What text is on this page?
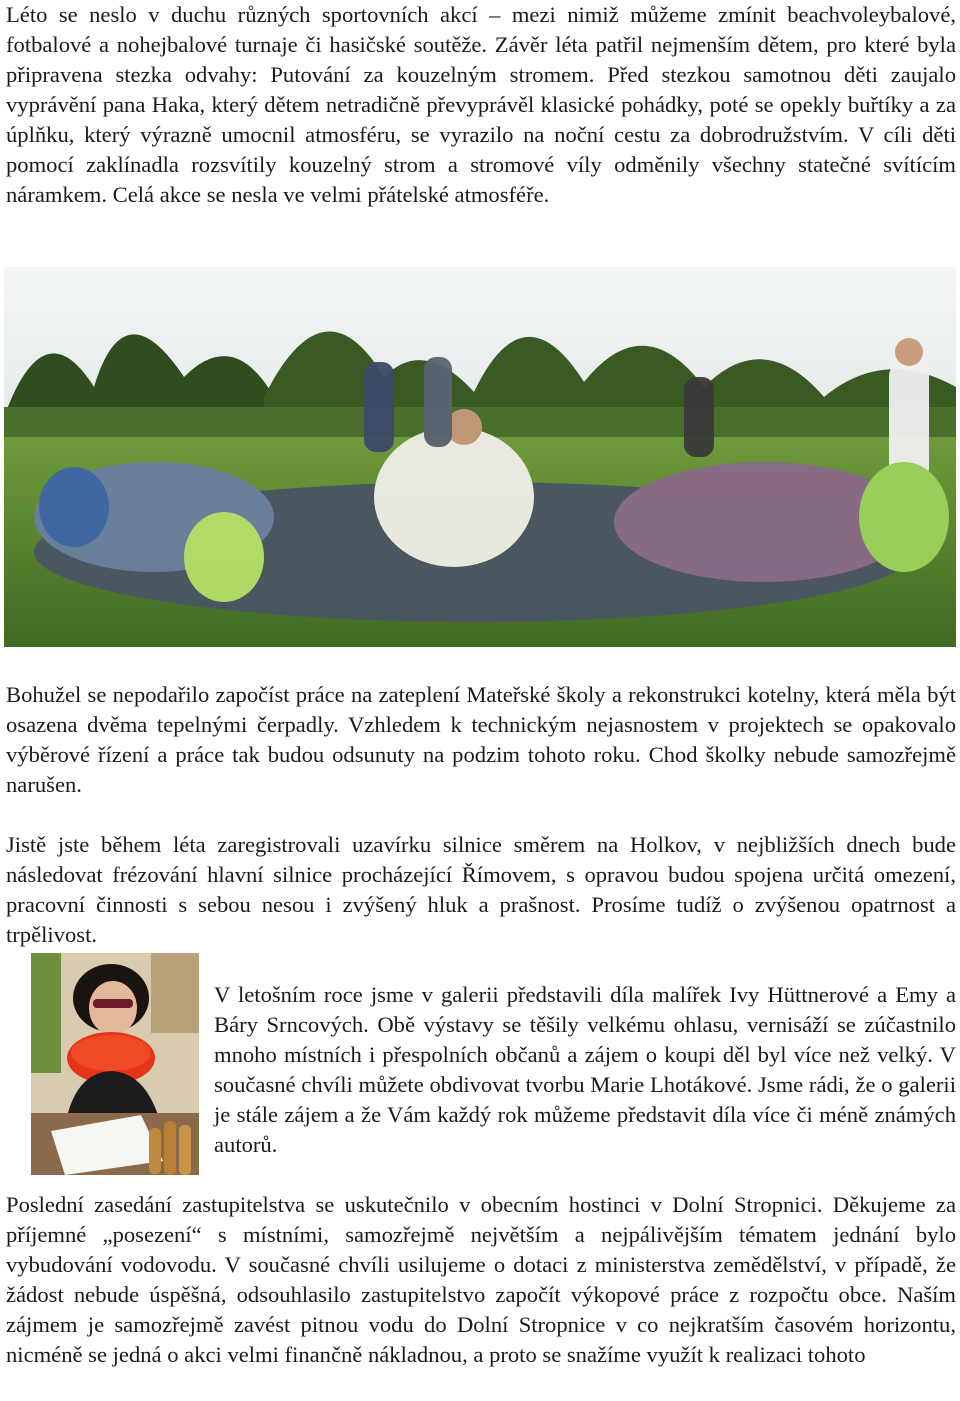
Léto se neslo v duchu různých sportovních akcí – mezi nimiž můžeme zmínit beachvoleybalové, fotbalové a nohejbalové turnaje či hasičské soutěže. Závěr léta patřil nejmenším dětem, pro které byla připravena stezka odvahy: Putování za kouzelným stromem. Před stezkou samotnou děti zaujalo vyprávění pana Haka, který dětem netradičně převyprávěl klasické pohádky, poté se opekly buřtíky a za úplňku, který výrazně umocnil atmosféru, se vyrazilo na noční cestu za dobrodružstvím. V cíli děti pomocí zaklínadla rozsvítily kouzelný strom a stromové víly odměnily všechny statečné svítícím náramkem. Celá akce se nesla ve velmi přátelské atmosféře.

Bohužel se nepodařilo započíst práce na zateplení Mateřské školy a rekonstrukci kotelny, která měla být osazena dvěma tepelnými čerpadly. Vzhledem k technickým nejasnostem v projektech se opakovalo výběrové řízení a práce tak budou odsunuty na podzim tohoto roku. Chod školky nebude samozřejmě narušen.

Jistě jste během léta zaregistrovali uzavírku silnice směrem na Holkov, v nejbližších dnech bude následovat frézování hlavní silnice procházející Římovem, s opravou budou spojena určitá omezení, pracovní činnosti s sebou nesou i zvýšený hluk a prašnost. Prosíme tudíž o zvýšenou opatrnost a trpělivost.

V letošním roce jsme v galerii představili díla malířek Ivy Hüttnerové a Emy a Báry Srncových. Obě výstavy se těšily velkému ohlasu, vernisáží se zúčastnilo mnoho místních i přespolních občanů a zájem o koupi děl byl více než velký. V současné chvíli můžete obdivovat tvorbu Marie Lhotákové. Jsme rádi, že o galerii je stále zájem a že Vám každý rok můžeme představit díla více či méně známých autorů.

Poslední zasedání zastupitelstva se uskutečnilo v obecním hostinci v Dolní Stropnici. Děkujeme za příjemné „posezení“ s místními, samozřejmě největším a nejpálivějším tématem jednání bylo vybudování vodovodu. V současné chvíli usilujeme o dotaci z ministerstva zemědělství, v případě, že žádost nebude úspěšná, odsouhlasilo zastupitelstvo započít výkopové práce z rozpočtu obce. Naším zájmem je samozřejmě zavést pitnou vodu do Dolní Stropnice v co nejkratším časovém horizontu, nicméně se jedná o akci velmi finančně nákladnou, a proto se snažíme využít k realizaci tohoto
